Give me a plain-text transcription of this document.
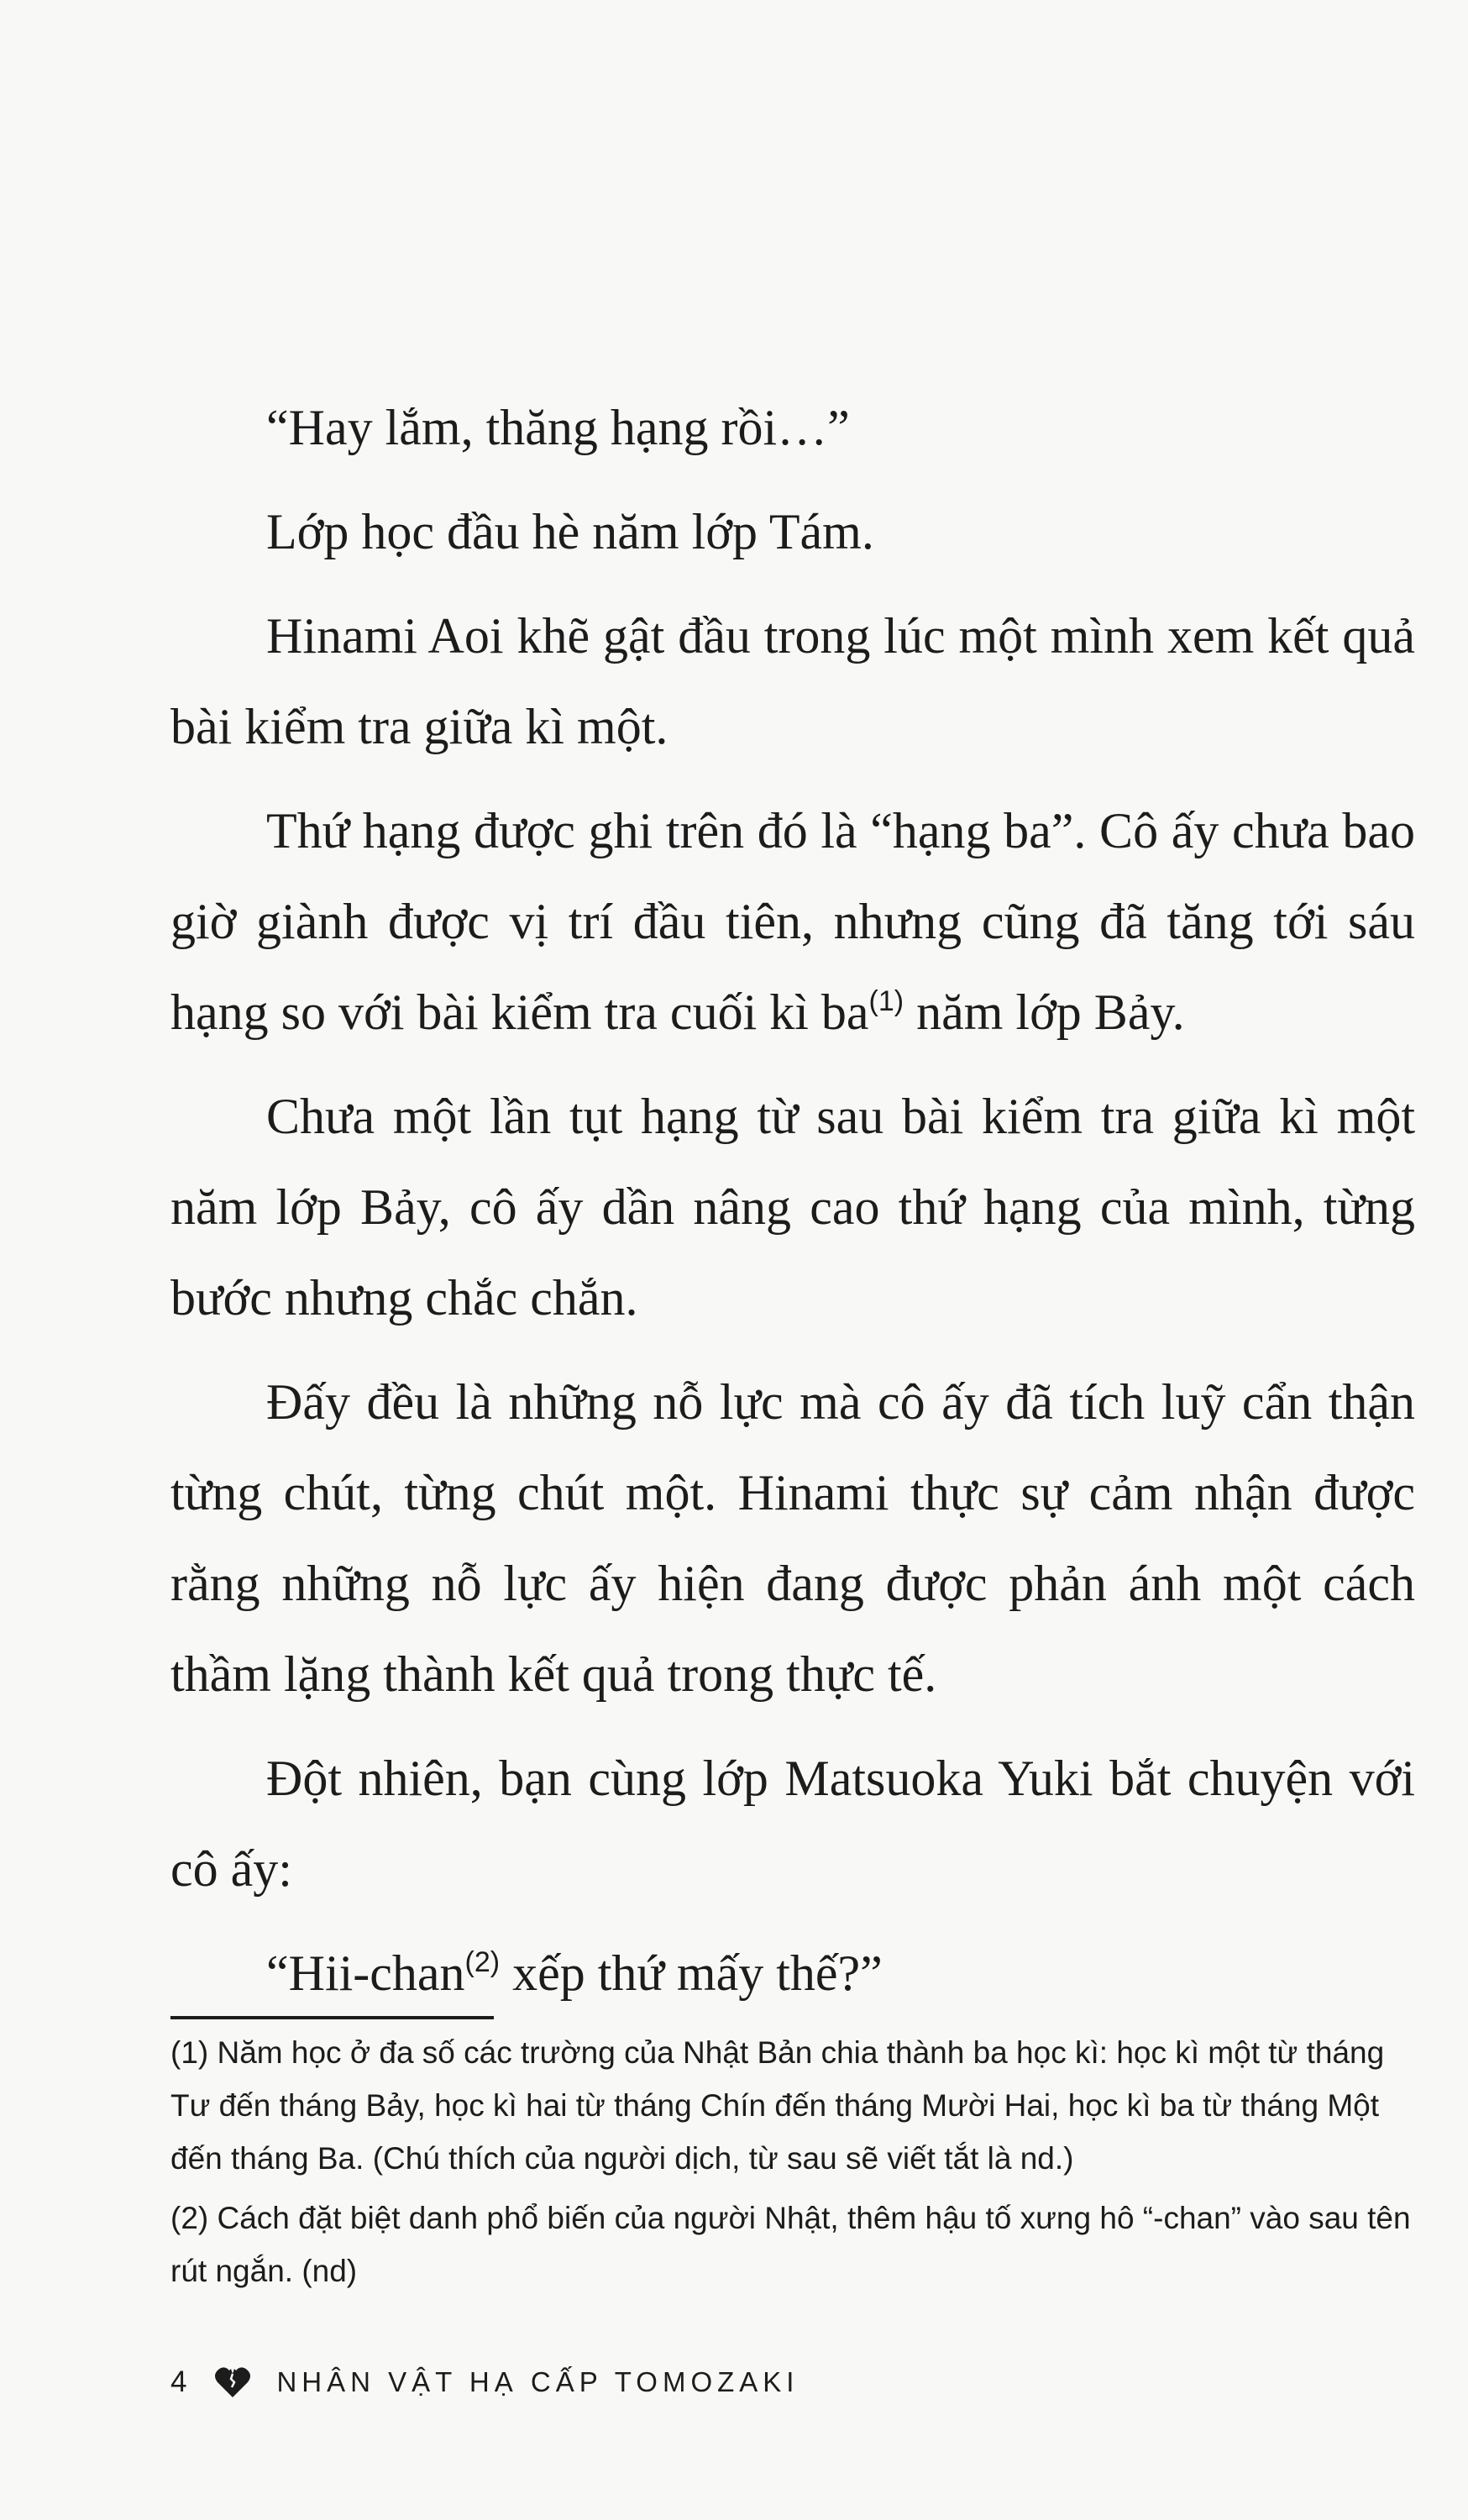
“Hay lắm, thăng hạng rồi…”

Lớp học đầu hè năm lớp Tám.

Hinami Aoi khẽ gật đầu trong lúc một mình xem kết quả bài kiểm tra giữa kì một.

Thứ hạng được ghi trên đó là “hạng ba”. Cô ấy chưa bao giờ giành được vị trí đầu tiên, nhưng cũng đã tăng tới sáu hạng so với bài kiểm tra cuối kì ba$^{(1)}$ năm lớp Bảy.

Chưa một lần tụt hạng từ sau bài kiểm tra giữa kì một năm lớp Bảy, cô ấy dần nâng cao thứ hạng của mình, từng bước nhưng chắc chắn.

Đấy đều là những nỗ lực mà cô ấy đã tích luỹ cẩn thận từng chút, từng chút một. Hinami thực sự cảm nhận được rằng những nỗ lực ấy hiện đang được phản ánh một cách thầm lặng thành kết quả trong thực tế.

Đột nhiên, bạn cùng lớp Matsuoka Yuki bắt chuyện với cô ấy:

“Hii-chan$^{(2)}$ xếp thứ mấy thế?”

(1) Năm học ở đa số các trường của Nhật Bản chia thành ba học kì: học kì một từ tháng Tư đến tháng Bảy, học kì hai từ tháng Chín đến tháng Mười Hai, học kì ba từ tháng Một đến tháng Ba. (Chú thích của người dịch, từ sau sẽ viết tắt là nd.)

(2) Cách đặt biệt danh phổ biến của người Nhật, thêm hậu tố xưng hô “-chan” vào sau tên rút ngắn. (nd)

4	NHÂN VẬT HẠ CẤP TOMOZAKI
